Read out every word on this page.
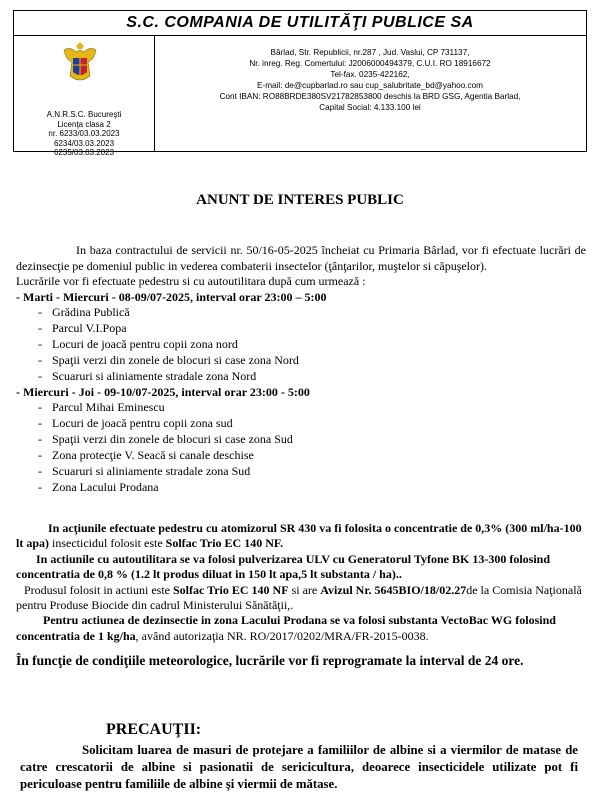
S.C. COMPANIA DE UTILITĂŢI PUBLICE SA
A.N.R.S.C. Bucureşti
Licenţa clasa 2
nr. 6233/03.03.2023
6234/03.03.2023
6235/03.03.2023
Bârlad, Str. Republicii, nr.287 , Jud. Vaslui, CP 731137,
Nr. inreg. Reg. Comertului: J2006000494379, C.U.I. RO 18916672
Tel-fax. 0235-422162,
E-mail: de@cupbarlad.ro sau cup_salubritate_bd@yahoo.com
Cont IBAN: RO88BRDE380SV21782853800 deschis la BRD GSG, Agentia Barlad,
Capital Social: 4.133.100 lei
ANUNT DE INTERES PUBLIC

In baza contractului de servicii nr. 50/16-05-2025 încheiat cu Primaria Bârlad, vor fi efectuate lucrări de dezinsecţie pe domeniul public in vederea combaterii insectelor (ţânţarilor, muştelor si căpuşelor).

Lucrările vor fi efectuate pedestru si cu autoutilitara după cum urmează :

- Marti - Miercuri - 08-09/07-2025, interval orar 23:00 – 5:00

- Grădina Publică
- Parcul V.I.Popa
- Locuri de joacă pentru copii zona nord
- Spaţii verzi din zonele de blocuri si case zona Nord
- Scuaruri si aliniamente stradale zona Nord

- Miercuri - Joi - 09-10/07-2025, interval orar 23:00 - 5:00

- Parcul Mihai Eminescu
- Locuri de joacă pentru copii zona sud
- Spaţii verzi din zonele de blocuri si case zona Sud
- Zona protecţie V. Seacă si canale deschise
- Scuaruri si aliniamente stradale zona Sud
- Zona Lacului Prodana

In acţiunile efectuate pedestru cu atomizorul SR 430 va fi folosita o concentratie de 0,3% (300 ml/ha-100 lt apa) insecticidul folosit este Solfac Trio EC 140 NF.

In actiunile cu autoutilitara se va folosi pulverizarea ULV cu Generatorul Tyfone BK 13-300 folosind concentratia de 0,8 % (1.2 lt produs diluat in 150 lt apa,5 lt substanta / ha)..

Produsul folosit in actiuni este Solfac Trio EC 140 NF si are Avizul Nr. 5645BIO/18/02.27de la Comisia Naţională pentru Produse Biocide din cadrul Ministerului Sănătăţii,.

Pentru actiunea de dezinsectie in zona Lacului Prodana se va folosi substanta VectoBac WG folosind concentratia de 1 kg/ha, având autorizaţia NR. RO/2017/0202/MRA/FR-2015-0038.

În funcţie de condiţiile meteorologice, lucrările vor fi reprogramate la interval de 24 ore.
PRECAUŢII:
Solicitam luarea de masuri de protejare a familiilor de albine si a viermilor de matase de catre crescatorii de albine si pasionatii de sericicultura, deoarece insecticidele utilizate pot fi periculoase pentru familiile de albine şi viermii de mătase.
